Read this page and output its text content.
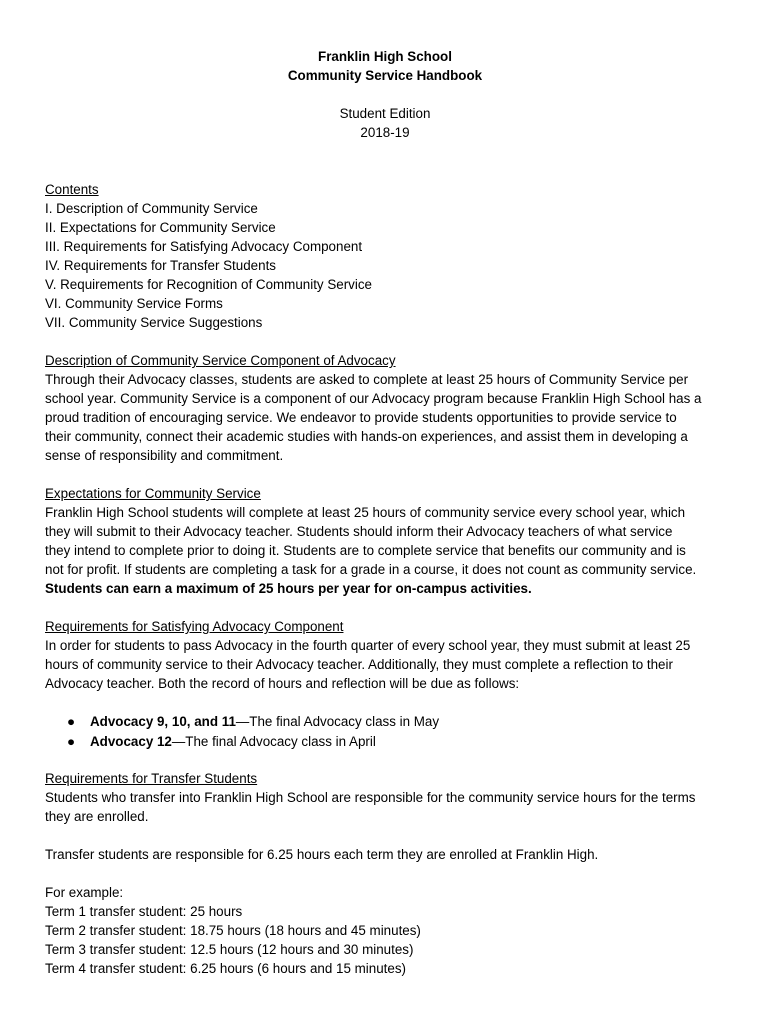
Franklin High School
Community Service Handbook
Student Edition
2018-19
Contents
I. Description of Community Service
II. Expectations for Community Service
III. Requirements for Satisfying Advocacy Component
IV. Requirements for Transfer Students
V. Requirements for Recognition of Community Service
VI. Community Service Forms
VII. Community Service Suggestions
Description of Community Service Component of Advocacy
Through their Advocacy classes, students are asked to complete at least 25 hours of Community Service per
school year. Community Service is a component of our Advocacy program because Franklin High School has a
proud tradition of encouraging service. We endeavor to provide students opportunities to provide service to
their community, connect their academic studies with hands-on experiences, and assist them in developing a
sense of responsibility and commitment.
Expectations for Community Service
Franklin High School students will complete at least 25 hours of community service every school year, which
they will submit to their Advocacy teacher. Students should inform their Advocacy teachers of what service
they intend to complete prior to doing it. Students are to complete service that benefits our community and is
not for profit. If students are completing a task for a grade in a course, it does not count as community service.
Students can earn a maximum of 25 hours per year for on-campus activities.
Requirements for Satisfying Advocacy Component
In order for students to pass Advocacy in the fourth quarter of every school year, they must submit at least 25
hours of community service to their Advocacy teacher. Additionally, they must complete a reflection to their
Advocacy teacher. Both the record of hours and reflection will be due as follows:
● Advocacy 9, 10, and 11—The final Advocacy class in May
● Advocacy 12—The final Advocacy class in April
Requirements for Transfer Students
Students who transfer into Franklin High School are responsible for the community service hours for the terms
they are enrolled.
Transfer students are responsible for 6.25 hours each term they are enrolled at Franklin High.
For example:
Term 1 transfer student: 25 hours
Term 2 transfer student: 18.75 hours (18 hours and 45 minutes)
Term 3 transfer student: 12.5 hours (12 hours and 30 minutes)
Term 4 transfer student: 6.25 hours (6 hours and 15 minutes)
